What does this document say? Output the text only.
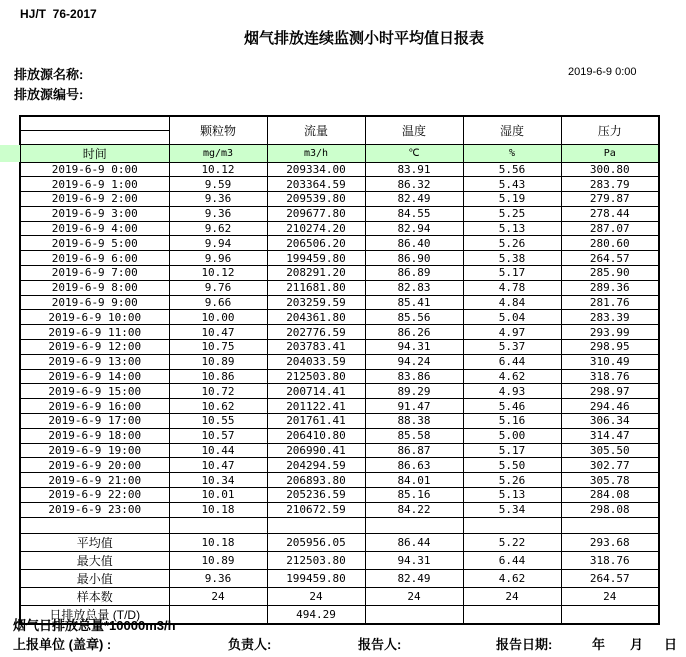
HJ/T  76-2017
烟气排放连续监测小时平均值日报表
排放源名称:
排放源编号:
2019-6-9 0:00
	颗粒物	流量	温度	湿度	压力

时间	mg/m3	m3/h	℃	%	Pa
2019-6-9 0:00	10.12	209334.00	83.91	5.56	300.80
2019-6-9 1:00	9.59	203364.59	86.32	5.43	283.79
2019-6-9 2:00	9.36	209539.80	82.49	5.19	279.87
2019-6-9 3:00	9.36	209677.80	84.55	5.25	278.44
2019-6-9 4:00	9.62	210274.20	82.94	5.13	287.07
2019-6-9 5:00	9.94	206506.20	86.40	5.26	280.60
2019-6-9 6:00	9.96	199459.80	86.90	5.38	264.57
2019-6-9 7:00	10.12	208291.20	86.89	5.17	285.90
2019-6-9 8:00	9.76	211681.80	82.83	4.78	289.36
2019-6-9 9:00	9.66	203259.59	85.41	4.84	281.76
2019-6-9 10:00	10.00	204361.80	85.56	5.04	283.39
2019-6-9 11:00	10.47	202776.59	86.26	4.97	293.99
2019-6-9 12:00	10.75	203783.41	94.31	5.37	298.95
2019-6-9 13:00	10.89	204033.59	94.24	6.44	310.49
2019-6-9 14:00	10.86	212503.80	83.86	4.62	318.76
2019-6-9 15:00	10.72	200714.41	89.29	4.93	298.97
2019-6-9 16:00	10.62	201122.41	91.47	5.46	294.46
2019-6-9 17:00	10.55	201761.41	88.38	5.16	306.34
2019-6-9 18:00	10.57	206410.80	85.58	5.00	314.47
2019-6-9 19:00	10.44	206990.41	86.87	5.17	305.50
2019-6-9 20:00	10.47	204294.59	86.63	5.50	302.77
2019-6-9 21:00	10.34	206893.80	84.01	5.26	305.78
2019-6-9 22:00	10.01	205236.59	85.16	5.13	284.08
2019-6-9 23:00	10.18	210672.59	84.22	5.34	298.08

平均值	10.18	205956.05	86.44	5.22	293.68
最大值	10.89	212503.80	94.31	6.44	318.76
最小值	9.36	199459.80	82.49	4.62	264.57
样本数	24	24	24	24	24
日排放总量 (T/D)		494.29			
烟气日排放总量*10000m3/h
上报单位 (盖章) :	负责人:	报告人:	报告日期:	年 月 日
